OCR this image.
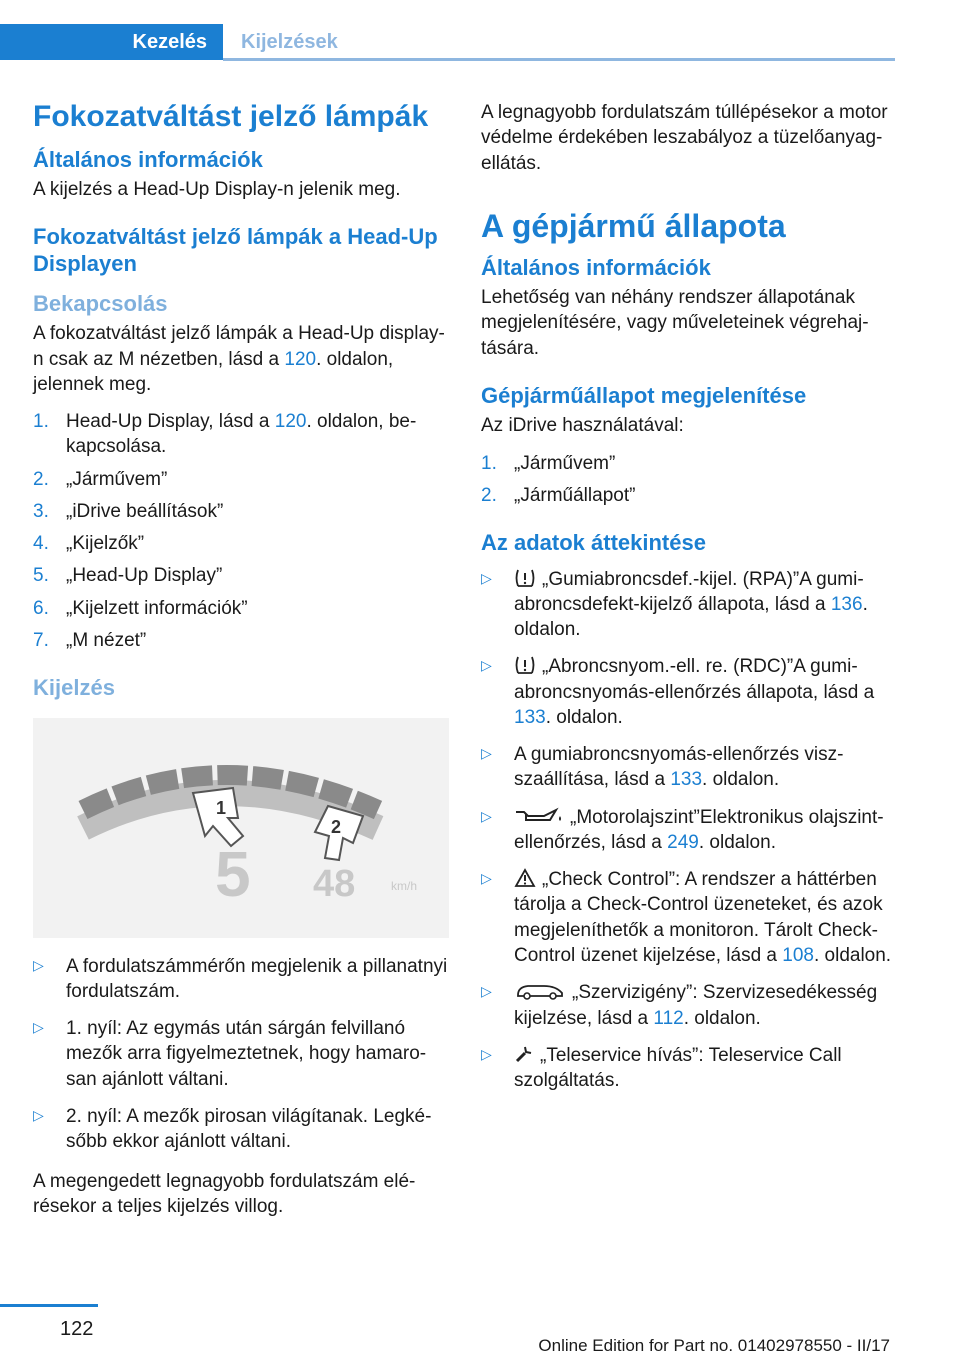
Kezelés	Kijelzések
Fokozatváltást jelző lámpák
Általános információk

A kijelzés a Head-Up Display-n jelenik meg.

Fokozatváltást jelző lámpák a Head-Up Displayen
Bekapcsolás

A fokozatváltást jelző lámpák a Head-Up display-n csak az M nézetben, lásd a 120. oldalon, jelennek meg.

1. Head-Up Display, lásd a 120. oldalon, bekapcsolása.
2. „Járművem”
3. „iDrive beállítások”
4. „Kijelzők”
5. „Head-Up Display”
6. „Kijelzett információk”
7. „M nézet”
Kijelzés
1
2
5 48	km/h
▷ A fordulatszámmérőn megjelenik a pillanatnyi fordulatszám.
▷ 1. nyíl: Az egymás után sárgán felvillanó mezők arra figyelmeztetnek, hogy hamarosan ajánlott váltani.
▷ 2. nyíl: A mezők pirosan világítanak. Legkésőbb ekkor ajánlott váltani.

A megengedett legnagyobb fordulatszám elérésekor a teljes kijelzés villog.

A legnagyobb fordulatszám túllépésekor a motor védelme érdekében leszabályoz a tüzelőanyag-ellátás.

A gépjármű állapota
Általános információk

Lehetőség van néhány rendszer állapotának megjelenítésére, vagy műveleteinek végrehajtására.

Gépjárműállapot megjelenítése

Az iDrive használatával:

1. „Járművem”
2. „Járműállapot”
Az adatok áttekintése
▷	„Gumiabroncsdef.-kijel. (RPA)”A gumiabroncsdefekt-kijelző állapota, lásd a 136. oldalon.
▷	„Abroncsnyom.-ell. re. (RDC)”A gumiabroncsnyomás-ellenőrzés állapota, lásd a 133. oldalon.
▷ A gumiabroncsnyomás-ellenőrzés viszszaállítása, lásd a 133. oldalon.
▷	„Motorolajszint”Elektronikus olajszint-ellenőrzés, lásd a 249. oldalon.
▷	„Check Control”: A rendszer a háttérben tárolja a Check-Control üzeneteket, és azok megjeleníthetők a monitoron. Tárolt Check-Control üzenet kijelzése, lásd a 108. oldalon.
▷	„Szervizigény”: Szervizesedékesség kijelzése, lásd a 112. oldalon.
▷	„Teleservice hívás”: Teleservice Call szolgáltatás.
122
Online Edition for Part no. 01402978550 - II/17
